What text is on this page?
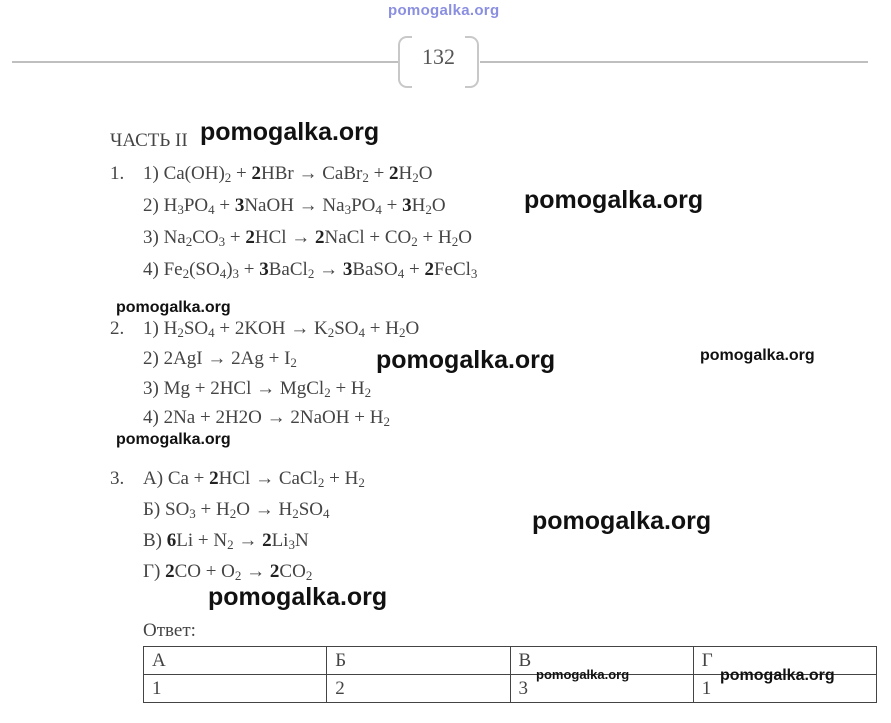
pomogalka.org
132
ЧАСТЬ II
1. 1) $Ca(OH)_2 + 2HBr$ → CaBr$_2$ + $2H_2O$
2) $H_3PO_4$ + 3NaOH → $Na_3PO_4 + 3H_2O$
3) $Na_2CO_3 + 2HCl$ → 2NaCl + $CO_2 + H_2O$
4) $Fe_2(SO_4)_3$ + 3BaCl$_2$ → 3BaSO$_4$ + 2FeCl$_3$
2. 1) $H_2SO_4 + 2KOH \to K_2SO_4 + H_2O$
2) $2AgI \to 2Ag + I_2$
3) Mg + 2HCl → MgCl$_2$ + $H_2$
4) 2Na + 2H2O → 2NaOH + $H_2$
3. А) Ca + 2HCl → CaCl$_2$ + $H_2$
Б) $SO_3 + H_2O \to H_2SO_4$
В) $6Li + N_2 \to 2Li_3N$
Г) $2CO + O_2 \to 2CO_2$
Ответ:
А	Б	В	Г
1	2	3	1
pomogalka.org
pomogalka.org
pomogalka.org
pomogalka.org	pomogalka.org
pomogalka.org
pomogalka.org
pomogalka.org
pomogalka.org	pomogalka.org
